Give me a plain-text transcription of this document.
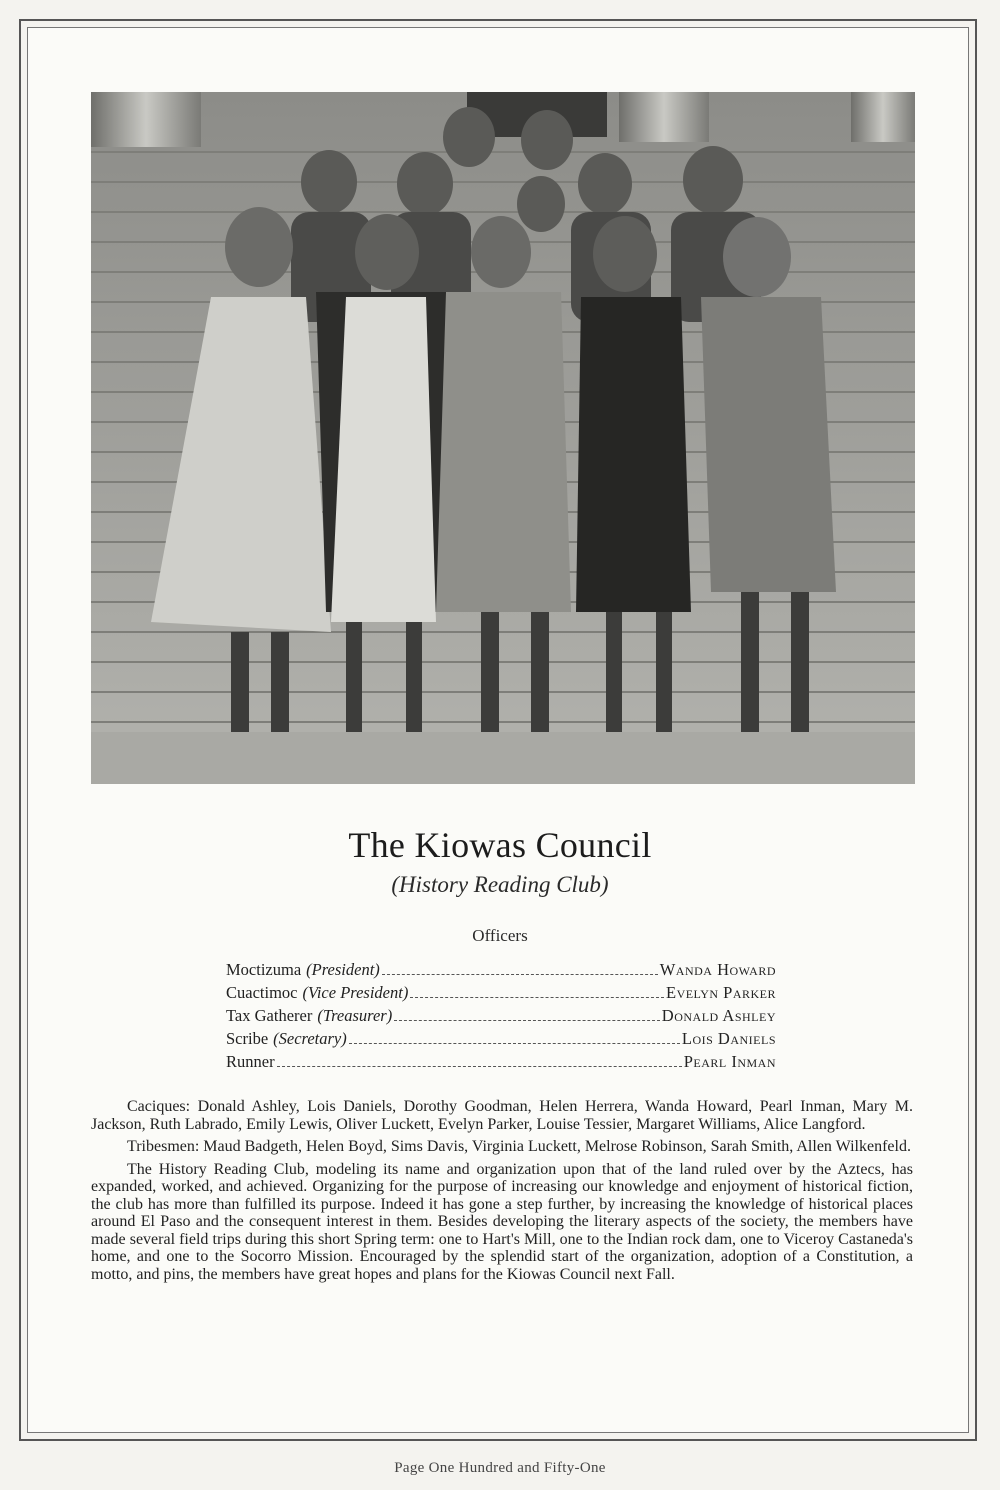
The Kiowas Council
(History Reading Club)
Officers
Moctizuma (President)	Wanda Howard
Cuactimoc (Vice President)	Evelyn Parker
Tax Gatherer (Treasurer)	Donald Ashley
Scribe (Secretary)	Lois Daniels
Runner	Pearl Inman

Caciques: Donald Ashley, Lois Daniels, Dorothy Goodman, Helen Herrera, Wanda Howard, Pearl Inman, Mary M. Jackson, Ruth Labrado, Emily Lewis, Oliver Luckett, Evelyn Parker, Louise Tessier, Margaret Williams, Alice Langford.

Tribesmen: Maud Badgeth, Helen Boyd, Sims Davis, Virginia Luckett, Melrose Robinson, Sarah Smith, Allen Wilkenfeld.

The History Reading Club, modeling its name and organization upon that of the land ruled over by the Aztecs, has expanded, worked, and achieved. Organizing for the purpose of increasing our knowledge and enjoyment of historical fiction, the club has more than fulfilled its purpose. Indeed it has gone a step further, by increasing the knowledge of historical places around El Paso and the consequent interest in them. Besides developing the literary aspects of the society, the members have made several field trips during this short Spring term: one to Hart's Mill, one to the Indian rock dam, one to Viceroy Castaneda's home, and one to the Socorro Mission. Encouraged by the splendid start of the organization, adoption of a Constitution, a motto, and pins, the members have great hopes and plans for the Kiowas Council next Fall.

Page One Hundred and Fifty-One
